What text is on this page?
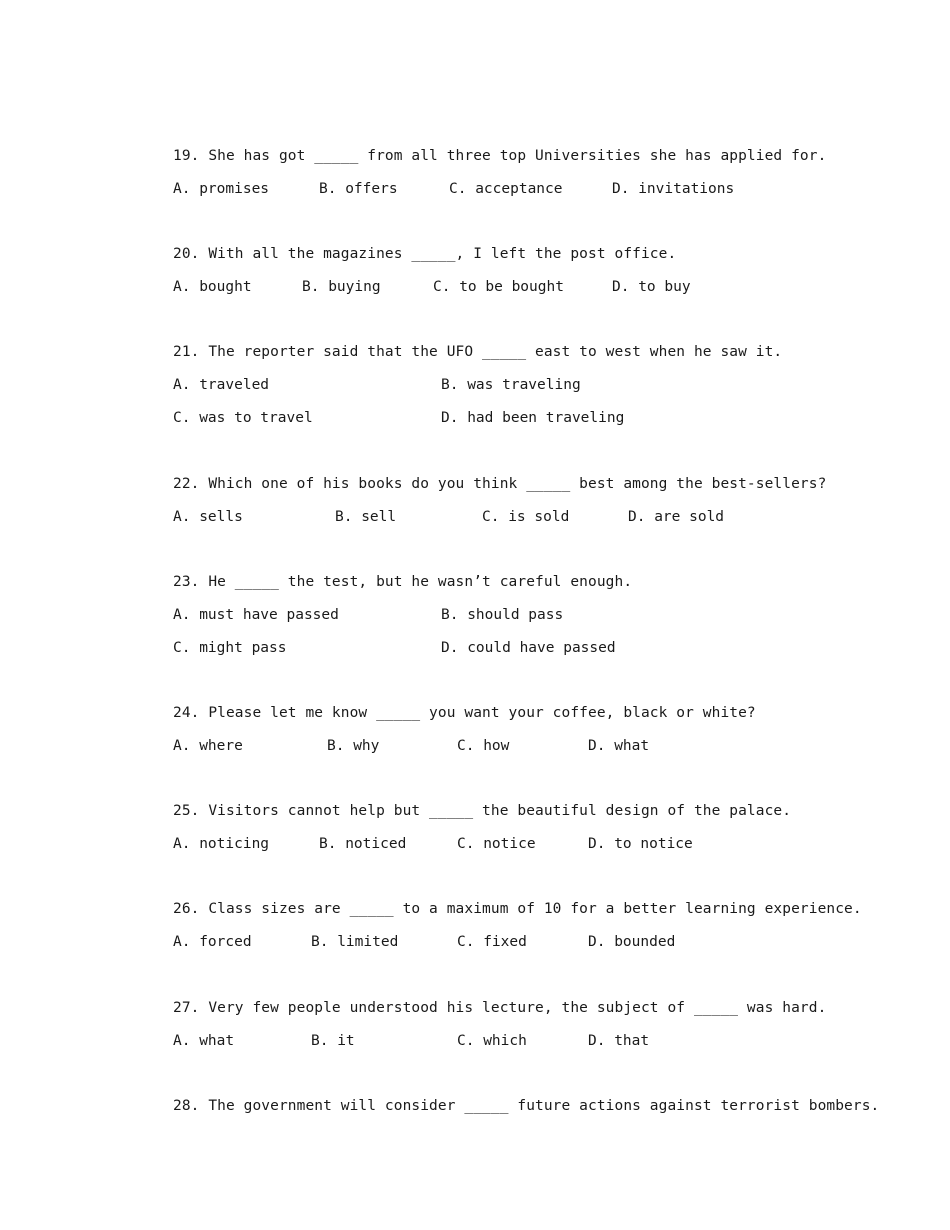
19. She has got _____ from all three top Universities she has applied for.
A. promises	B. offers	C. acceptance	D. invitations
20. With all the magazines _____, I left the post office.
A. bought	B. buying	C. to be bought	D. to buy
21. The reporter said that the UFO _____ east to west when he saw it.
A. traveled	B. was traveling
C. was to travel	D. had been traveling
22. Which one of his books do you think _____ best among the best-sellers?
A. sells	B. sell	C. is sold	D. are sold
23. He _____ the test, but he wasn’t careful enough.
A. must have passed	B. should pass
C. might pass	D. could have passed
24. Please let me know _____ you want your coffee, black or white?
A. where	B. why	C. how	D. what
25. Visitors cannot help but _____ the beautiful design of the palace.
A. noticing	B. noticed	C. notice	D. to notice
26. Class sizes are _____ to a maximum of 10 for a better learning experience.
A. forced	B. limited	C. fixed	D. bounded
27. Very few people understood his lecture, the subject of _____ was hard.
A. what	B. it	C. which	D. that
28. The government will consider _____ future actions against terrorist bombers.
